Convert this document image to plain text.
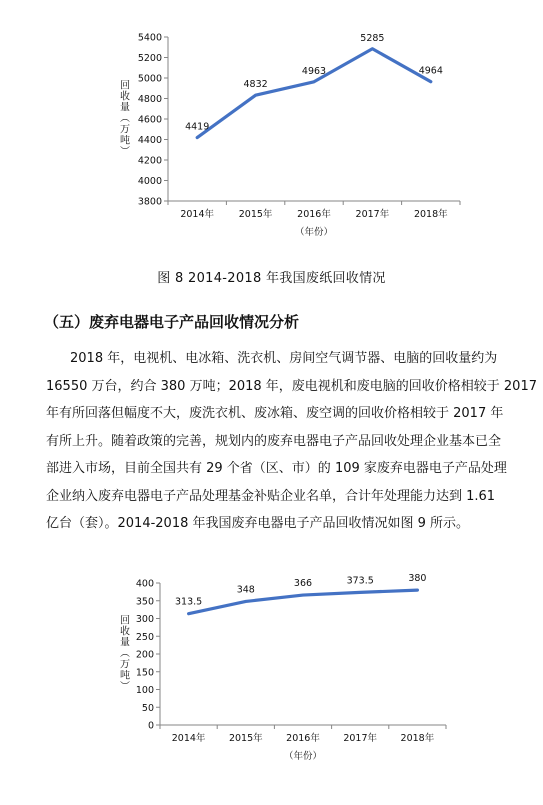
3800
4000
4200
4400
4600
4800
5000
5200
5400
2014年	2015年	2016年	2017年	2018年
（年份）
回收量（万吨）	4419
4832
4963
5285
4964
图 8 2014-2018 年我国废纸回收情况
（五）废弃电器电子产品回收情况分析
2018 年，电视机、电冰箱、洗衣机、房间空气调节器、电脑的回收量约为
16550 万台，约合 380 万吨；2018 年，废电视机和废电脑的回收价格相较于 2017
年有所回落但幅度不大，废洗衣机、废冰箱、废空调的回收价格相较于 2017 年
有所上升。随着政策的完善，规划内的废弃电器电子产品回收处理企业基本已全
部进入市场，目前全国共有 29 个省（区、市）的 109 家废弃电器电子产品处理
企业纳入废弃电器电子产品处理基金补贴企业名单，合计年处理能力达到 1.61
亿台（套）。2014-2018 年我国废弃电器电子产品回收情况如图 9 所示。
0
50
100
150
200
250
300
350
400
2014年 2015年 2016年 2017年 2018年
（年份）
回收量（万吨）
313.5
348
366	373.5	380
